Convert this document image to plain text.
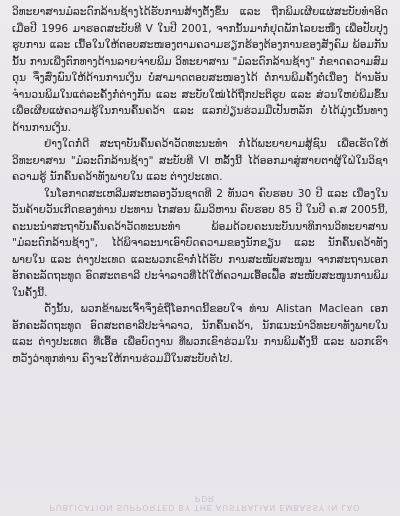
ວິທະຍາສານມໍລະດົກລ້ານຊ້າງໄດ້ຮັບການສ້າງຕັ້ງຂຶ້ນ ແລະ ຖືກພິມເຜີຍແຜ່ສະບັບທຳອິດເມື່ອປີ 1996 ມາຮອດສະບັບທີ V ໃນປີ 2001, ຈາກນັ້ນມາກໍ່ຢຸດພັກໄລຍະໜຶ່ງ ເພື່ອປັບປຸງຮູບການ ແລະ ເນື້ອໃນໃຫ້ຕອບສະໜອງຕາມຄວາມຮຽກຮ້ອງຕ້ອງການຂອງສັງຄົມ ພ້ອມກັນນັ້ນ ການເພີ່ງຕົກທາງດ້ານລາຍຈ່າຍພິມ ວິທະຍາສານ "ມໍລະດົກລ້ານຊ້າງ" ກໍ່ຂາດຄວາມສົມດຸນ ຈຶ່ງສົ່ງພົນໃຫ້ດ້ານການເງິນ ບໍ່ສາມາດຕອບສະໜອງໄດ້ ຕໍ່ການພິມຄັ້ງຕໍ່ເນື່ອງ ດ້ານອັນຈຳນວນພິມໃນແຕ່ລະຄັ້ງກໍ່ຕ່າງກັນ ແລະ ສະບັບໃໝ່ໄດ້ຖືກປະຕິຮູບ ແລະ ສ່ວນໃຫຍ່ພິມຂຶ້ນເພື່ອເຜີຍແຜ່ຄວາມຮູ້ໃນການຄົ້ນຄວ້າ ແລະ ແລກປ່ຽນຮ່ວມມືເປັນຫລັກ ບໍ່ໄດ້ມຸ່ງເນັ້ນທາງດ້ານການເງິນ.

ຢ່າງໃດກໍ່ດີ ສະຖາບັນຄົ້ນຄວ້າວັດທະນະທຳ ກໍ່ໄດ້ພະຍາຍາມສູ້ຊົນ ເພື່ອເຮັດໃຫ້ ວິທະຍາສານ "ມໍລະດົກລ້ານຊ້າງ" ສະບັບທີ VI ຫລັ້ງນີ້ ໄດ້ອອກມາສູ່ສາຍຕາຜູ້ໃຝ່ໃນວິຊາຄວາມຮູ້ ນັກຄົ້ນຄວ້າທັງພາຍໃນ ແລະ ຕ່າງປະເທດ.

ໃນໂອກາດສະເຫລີມສະຫລອງວັນຊາດທີ 2 ທັນວາ ຄົບຮອບ 30 ປີ ແລະ ເນື່ອງໃນວັນຄ້າຍວັນເກີດຂອງທ່ານ ປະທານ ໄກສອນ ພົມວິຫານ ຄົບຮອບ 85 ປີ ໃນປີ ຄ.ສ 2005ນີ້, ຄະນະນຳສະຖາບັນຄົ້ນຄວ້າວັດທະນະທຳ ພ້ອມດ້ວຍຄະນະບັນນາທິການວິທະຍາສານ "ມໍລະດົກລ້ານຊ້າງ", ໄດ້ພິຈາລະນາເອົາບົດຄວາມຂອງນັກຂຽນ ແລະ ນັກຄົ້ນຄວ້າທັງພາຍໃນ ແລະ ຕ່າງປະເທດ ແລະພວກເຂົາກໍ່ໄດ້ຮັບ ການສະໜັບສະໜູນ ຈາກສະຖານເອກອັກຄະລັດຖະທູດ ອົດສະຕຣາລີ ປະຈຳລາວທີ່ໄດ້ໃຫ້ຄວາມເອື້ອເຟື້ອ ສະໜັບສະໜູນການພິມໃນຄັ້ງນີ້.

ດັ່ງນັ້ນ, ພວກຂ້າພະເຈົ້າຈຶ່ງຂໍຖືໂອກາດນີ້ຂອບໃຈ ທ່ານ Alistan Maclean ເອກອັກຄະລັດຖະທູດ ອົດສະຕຣາລີປະຈຳລາວ, ນັກຄົ້ນຄວ້າ, ນັກແນະນຳວິທະຍາທັງພາຍໃນ ແລະ ຕ່າງປະເທດ ທີ່ເອື້ອ ເພື່ອບົດງານ ທີ່ພວກເຂົາຮ່ວມໃນ ການພິມຄັ້ງນີ້ ແລະ ພວກເຮົາຫວັງວ່າທຸກທ່ານ ຄົງຈະໃຫ້ການຮ່ວມມືໃນສະບັບຕໍ່ໄປ.

PUBLICATION SUPPORTED BY THE AUSTRALIAN EMBASSY IN LAO PDR
